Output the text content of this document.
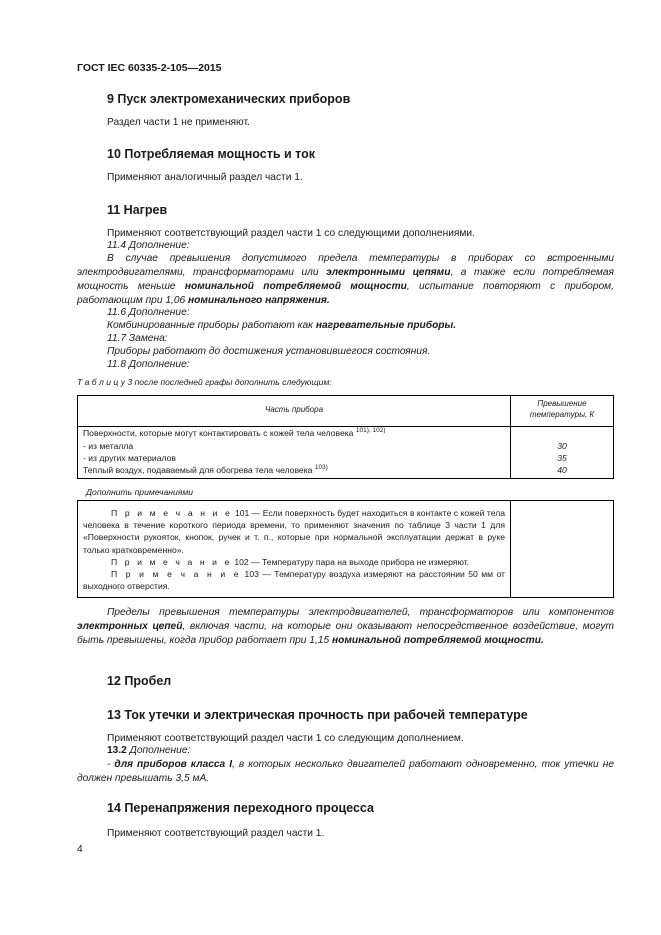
ГОСТ IEC 60335-2-105—2015
9 Пуск электромеханических приборов
Раздел части 1 не применяют.
10 Потребляемая мощность и ток
Применяют аналогичный раздел части 1.
11 Нагрев
Применяют соответствующий раздел части 1 со следующими дополнениями.
11.4 Дополнение:
В случае превышения допустимого предела температуры в приборах со встроенными электродвигателями, трансформаторами или электронными цепями, а также если потребляемая мощность меньше номинальной потребляемой мощности, испытание повторяют с прибором, работающим при 1,06 номинального напряжения.
11.6 Дополнение:
Комбинированные приборы работают как нагревательные приборы.
11.7 Замена:
Приборы работают до достижения установившегося состояния.
11.8 Дополнение:
Т а б л и ц у 3 после последней графы дополнить следующим:
Часть прибора
Превышение
температуры, К
Поверхности, которые могут контактировать с кожей тела человека $^{101), 102)}$
- из металла
- из других материалов
Теплый воздух, подаваемый для обогрева тела человека $^{103)}$
30
35
40
Дополнить примечаниями
П р и м е ч а н и е 101 — Если поверхность будет находиться в контакте с кожей тела человека в течение короткого периода времени, то применяют значения по таблице 3 части 1 для «Поверхности рукояток, кнопок, ручек и т. п., которые при нормальной эксплуатации держат в руке только кратковременно».
П р и м е ч а н и е 102 — Температуру пара на выходе прибора не измеряют.
П р и м е ч а н и е 103 — Температуру воздуха измеряют на расстоянии 50 мм от выходного отверстия.
Пределы превышения температуры электродвигателей, трансформаторов или компонентов электронных цепей, включая части, на которые они оказывают непосредственное воздействие, могут быть превышены, когда прибор работает при 1,15 номинальной потребляемой мощности.
12 Пробел
13 Ток утечки и электрическая прочность при рабочей температуре
Применяют соответствующий раздел части 1 со следующим дополнением.
13.2 Дополнение:
- для приборов класса I, в которых несколько двигателей работают одновременно, ток утечки не должен превышать 3,5 мА.
14 Перенапряжения переходного процесса
Применяют соответствующий раздел части 1.
4
